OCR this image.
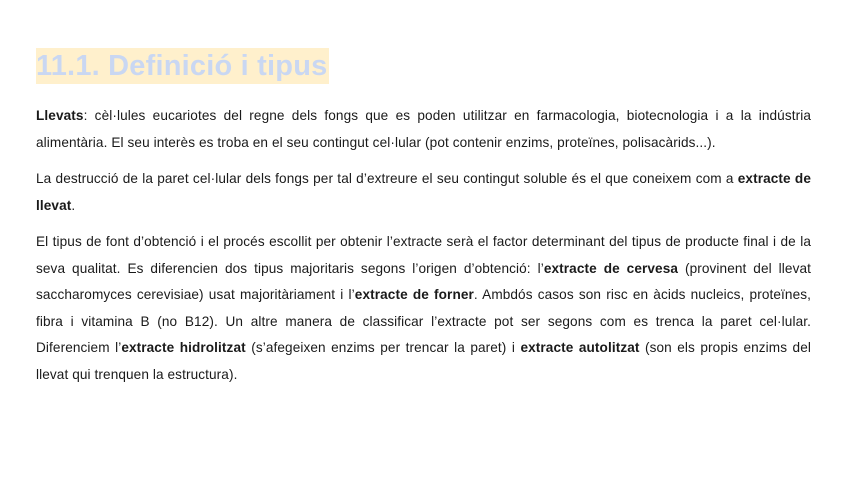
11.1. Definició i tipus

Llevats: cèl·lules eucariotes del regne dels fongs que es poden utilitzar en farmacologia, biotecnologia i a la indústria alimentària. El seu interès es troba en el seu contingut cel·lular (pot contenir enzims, proteïnes, polisacàrids...).

La destrucció de la paret cel·lular dels fongs per tal d’extreure el seu contingut soluble és el que coneixem com a extracte de llevat.

El tipus de font d’obtenció i el procés escollit per obtenir l’extracte serà el factor determinant del tipus de producte final i de la seva qualitat. Es diferencien dos tipus majoritaris segons l’origen d’obtenció: l’extracte de cervesa (provinent del llevat saccharomyces cerevisiae) usat majoritàriament i l’extracte de forner. Ambdós casos son risc en àcids nucleics, proteïnes, fibra i vitamina B (no B12). Un altre manera de classificar l’extracte pot ser segons com es trenca la paret cel·lular. Diferenciem l’extracte hidrolitzat (s’afegeixen enzims per trencar la paret) i extracte autolitzat (son els propis enzims del llevat qui trenquen la estructura).
